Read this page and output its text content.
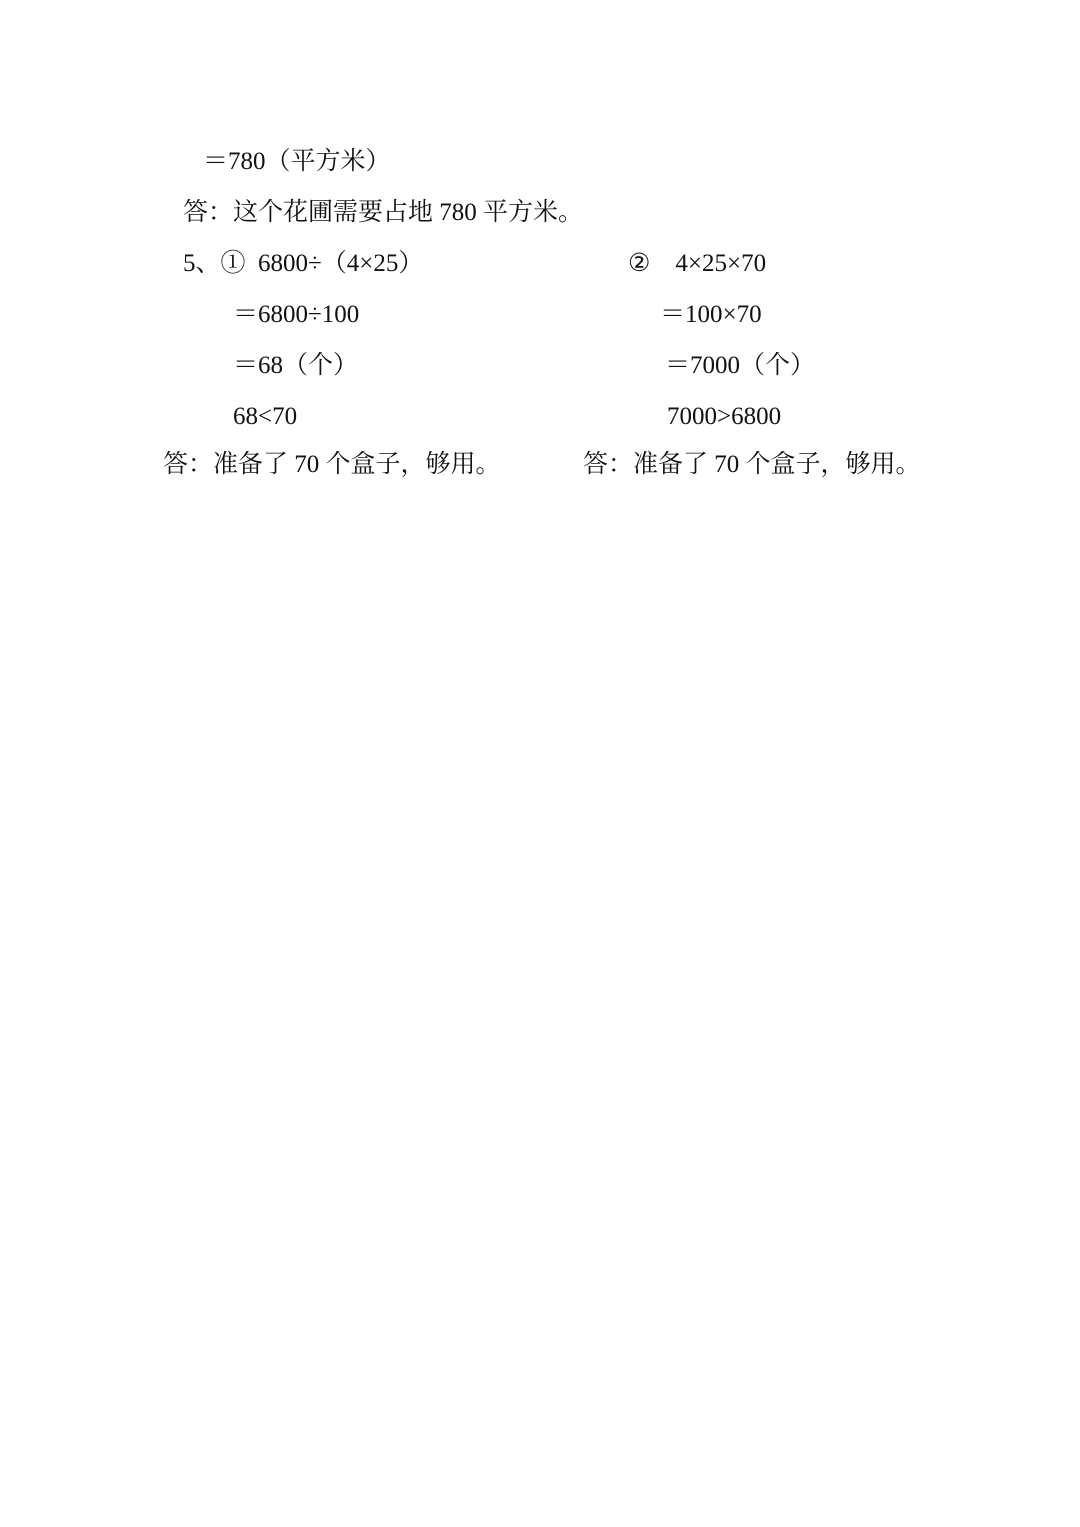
＝780（平方米）
答：这个花圃需要占地 780 平方米。
5、①  6800÷（4×25）
＝6800÷100
＝68（个）
68<70
答：准备了 70 个盒子，够用。
②    4×25×70
＝100×70
＝7000（个）
7000>6800
答：准备了 70 个盒子，够用。
